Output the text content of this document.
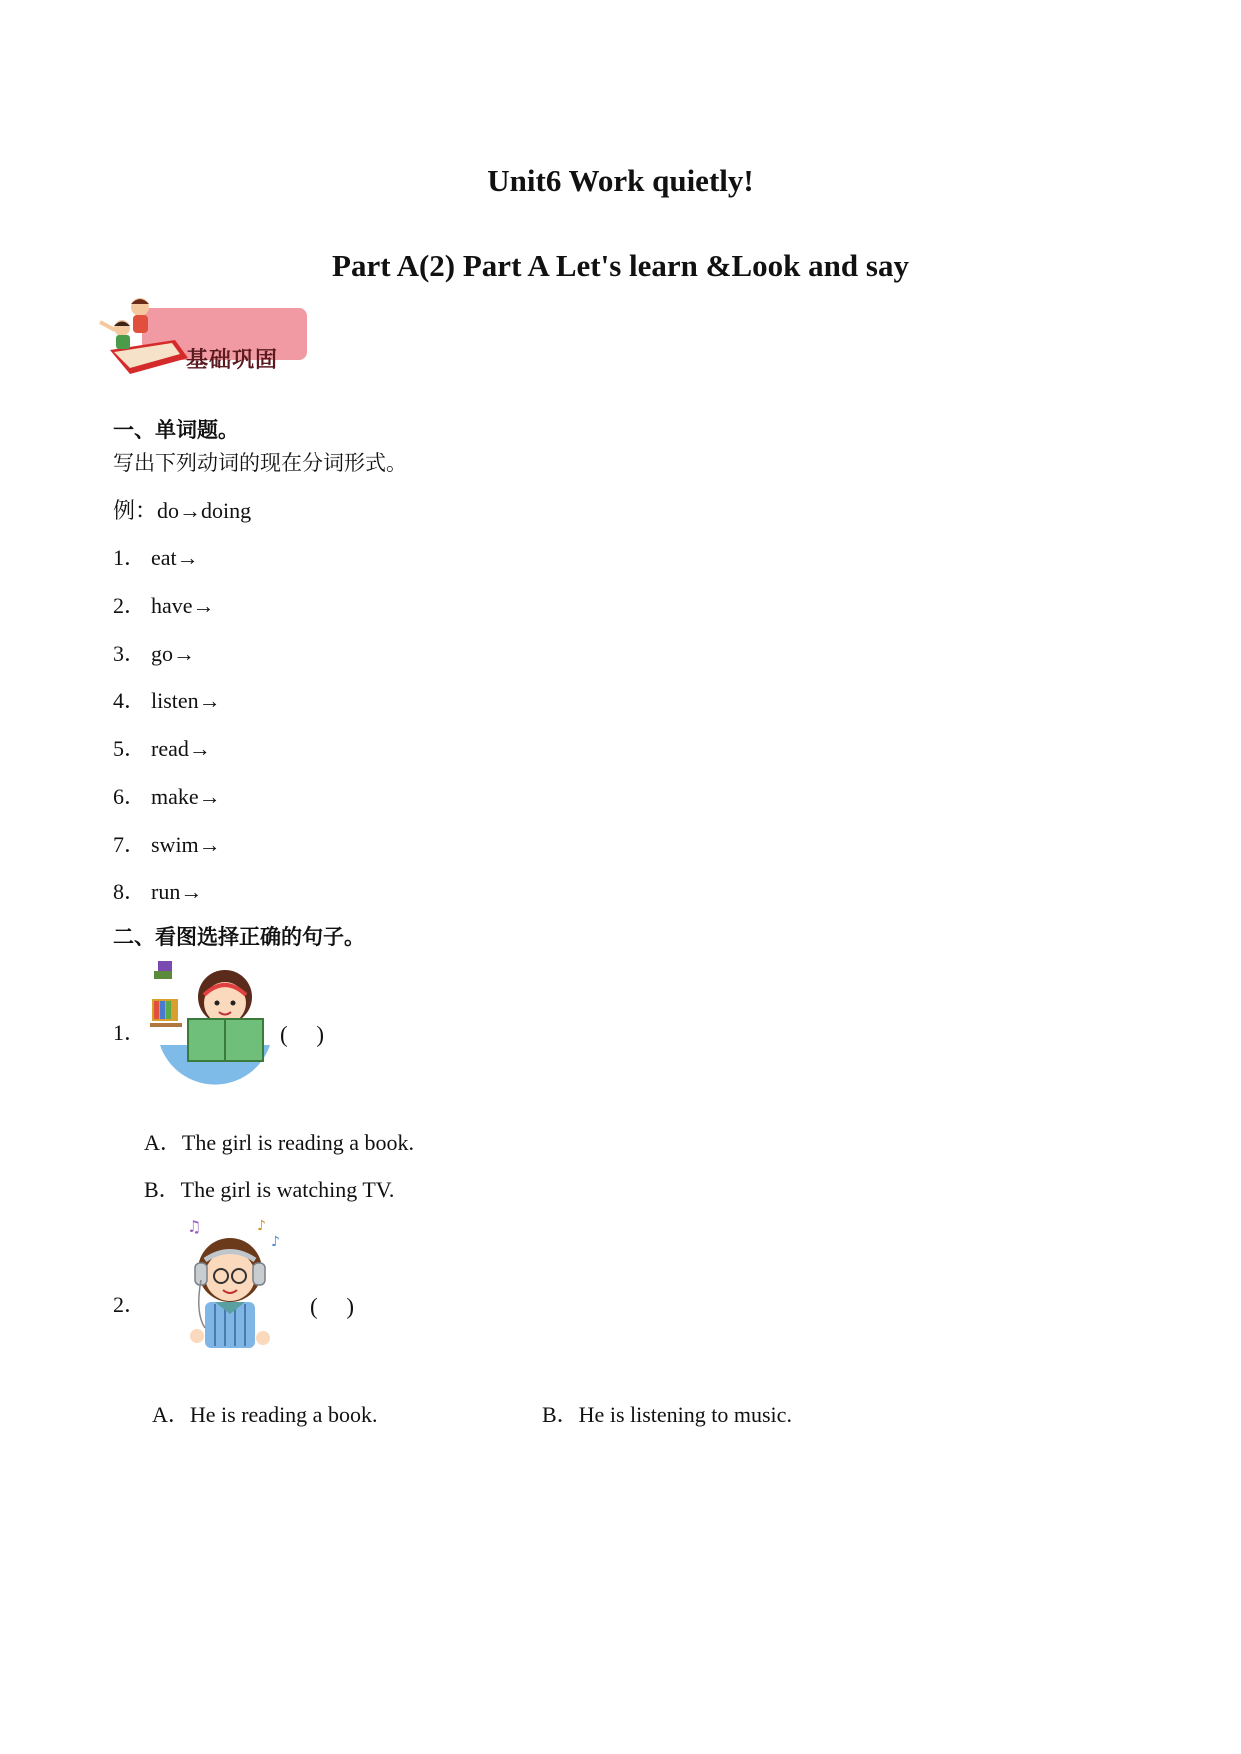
Unit6 Work quietly!
Part A(2) Part A Let's learn &Look and say
基础巩固
一、单词题。
写出下列动词的现在分词形式。
例：do→doing
1． eat→
2． have→
3． go→
4． listen→
5． read→
6． make→
7． swim→
8． run→
二、看图选择正确的句子。
1．	(　 )
A．The girl is reading a book.
B．The girl is watching TV.
2．
♫	♪
♪
(　 )
A．He is reading a book.	B．He is listening to music.
